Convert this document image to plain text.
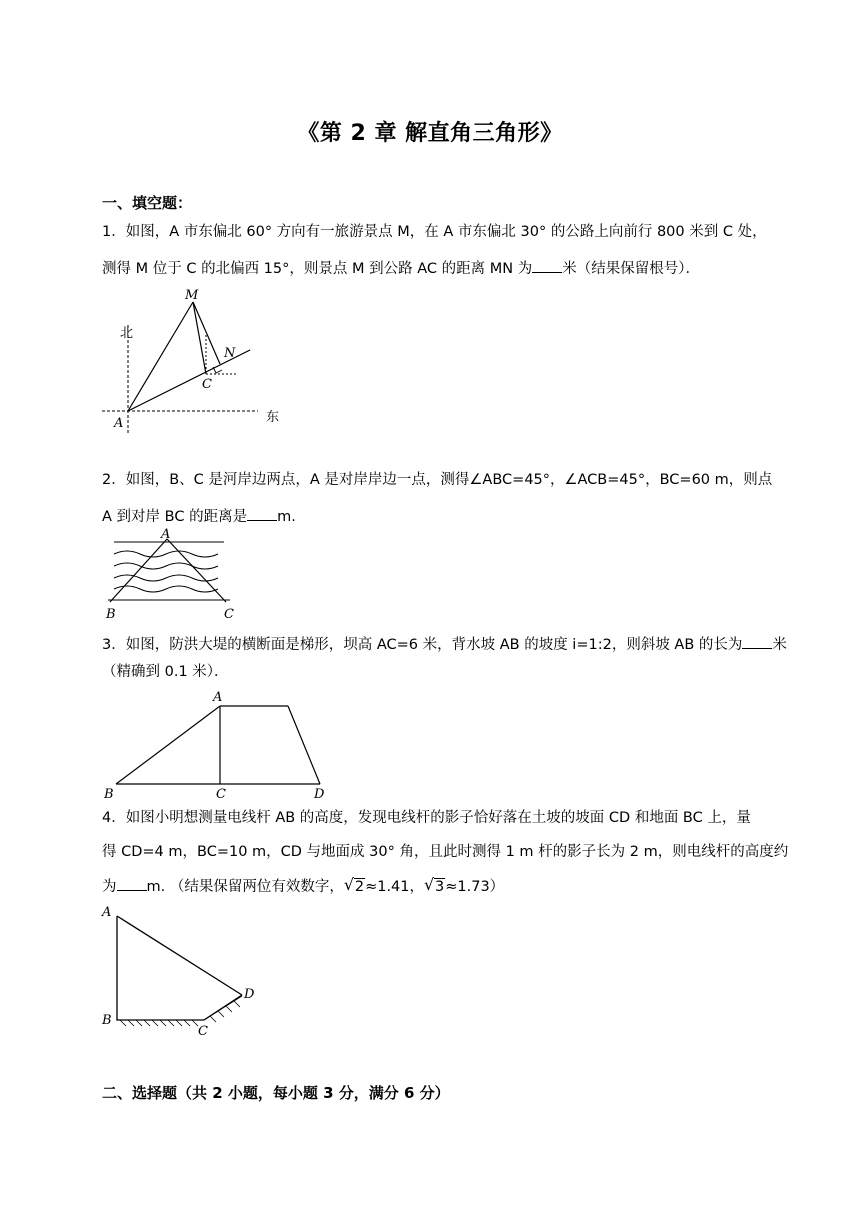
《第 2 章 解直角三角形》
一、填空题：
1．如图，A 市东偏北 60° 方向有一旅游景点 M，在 A 市东偏北 30° 的公路上向前行 800 米到 C 处，
测得 M 位于 C 的北偏西 15°，则景点 M 到公路 AC 的距离 MN 为 米（结果保留根号）．
北
东
M
N
C
A
2．如图，B、C 是河岸边两点，A 是对岸岸边一点，测得∠ABC=45°，∠ACB=45°，BC=60 m，则点
A 到对岸 BC 的距离是 m.
A
B	C
3．如图，防洪大堤的横断面是梯形，坝高 AC=6 米，背水坡 AB 的坡度 i=1:2，则斜坡 AB 的长为 米
（精确到 0.1 米）．
A
B	C	D
4．如图小明想测量电线杆 AB 的高度，发现电线杆的影子恰好落在土坡的坡面 CD 和地面 BC 上，量
得 CD=4 m，BC=10 m，CD 与地面成 30° 角，且此时测得 1 m 杆的影子长为 2 m，则电线杆的高度约
为 m. （结果保留两位有效数字， √ 2≈1.41， √ 3≈1.73）
A
B
C
D
二、选择题（共 2 小题，每小题 3 分，满分 6 分）
